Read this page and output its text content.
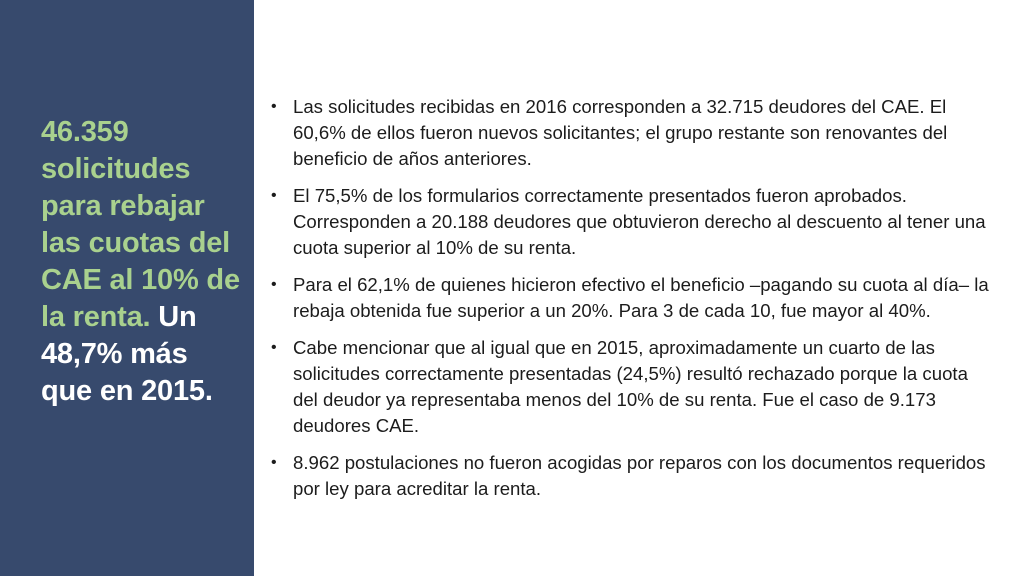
46.359 solicitudes para rebajar las cuotas del CAE al 10% de la renta. Un 48,7% más que en 2015.
• Las solicitudes recibidas en 2016 corresponden a 32.715 deudores del CAE. El 60,6% de ellos fueron nuevos solicitantes; el grupo restante son renovantes del beneficio de años anteriores.
• El 75,5% de los formularios correctamente presentados fueron aprobados. Corresponden a 20.188 deudores que obtuvieron derecho al descuento al tener una cuota superior al 10% de su renta.
• Para el 62,1% de quienes hicieron efectivo el beneficio –pagando su cuota al día– la rebaja obtenida fue superior a un 20%. Para 3 de cada 10, fue mayor al 40%.
• Cabe mencionar que al igual que en 2015, aproximadamente un cuarto de las solicitudes correctamente presentadas (24,5%) resultó rechazado porque la cuota del deudor ya representaba menos del 10% de su renta. Fue el caso de 9.173 deudores CAE.
• 8.962 postulaciones no fueron acogidas por reparos con los documentos requeridos por ley para acreditar la renta.
